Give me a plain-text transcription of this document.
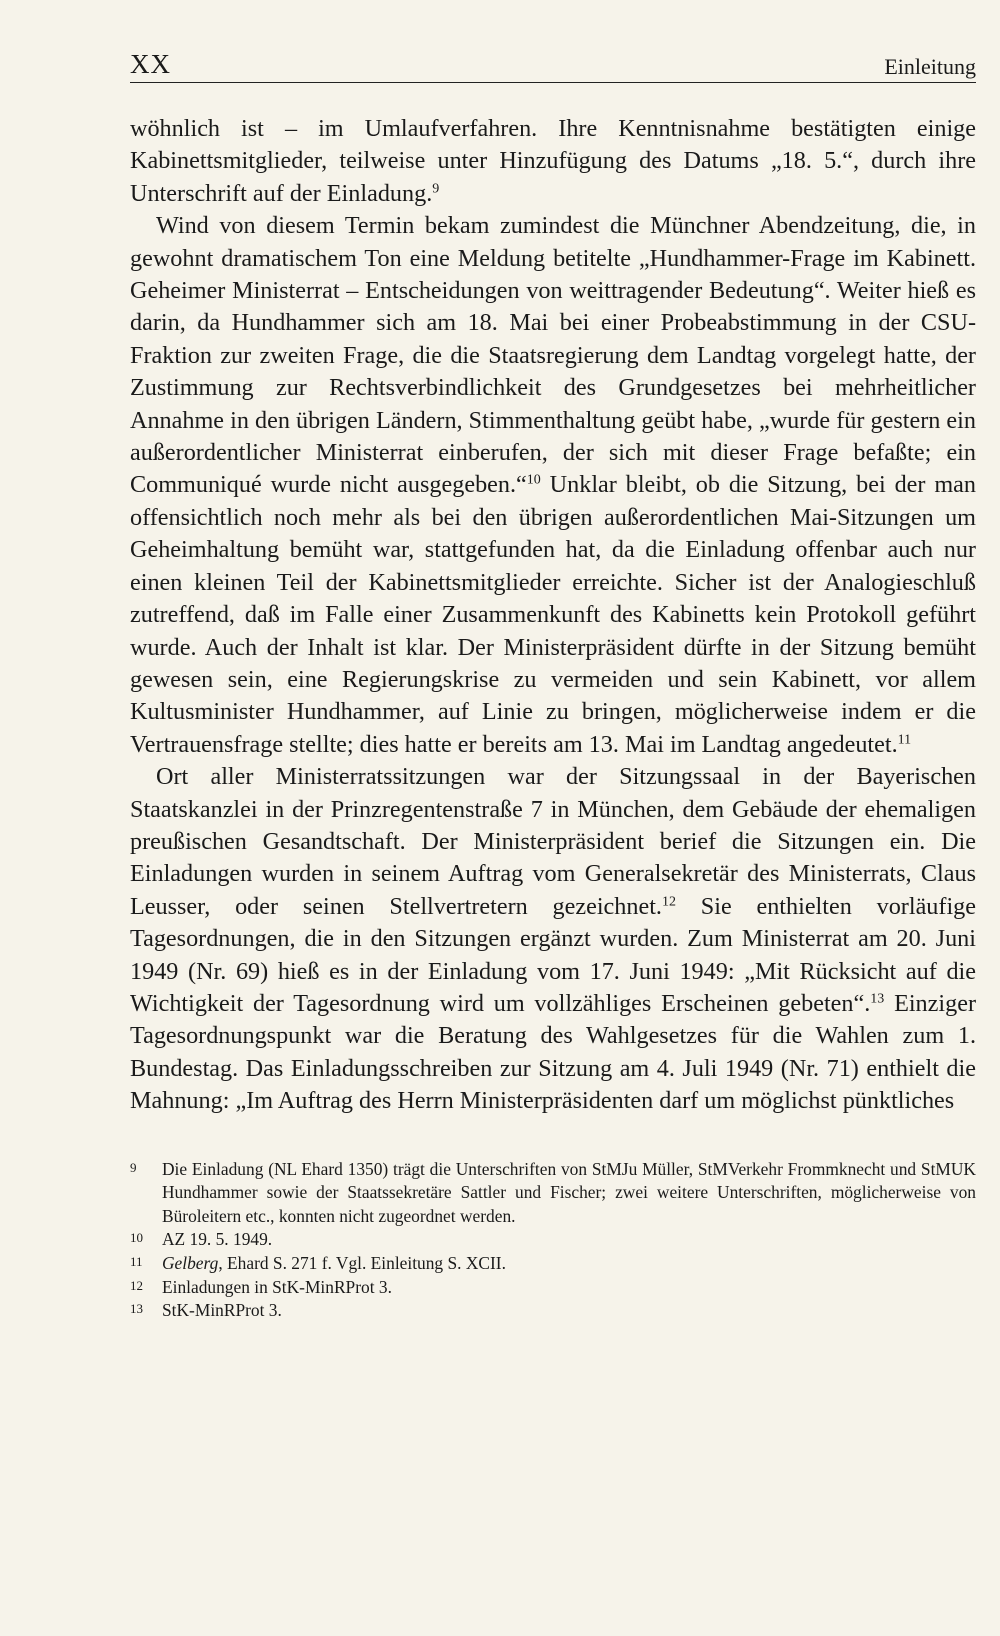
XX	Einleitung

wöhnlich ist – im Umlaufverfahren. Ihre Kenntnisnahme bestätigten einige Kabinettsmitglieder, teilweise unter Hinzufügung des Datums „18. 5.“, durch ihre Unterschrift auf der Einladung.$^9$

Wind von diesem Termin bekam zumindest die Münchner Abendzeitung, die, in gewohnt dramatischem Ton eine Meldung betitelte „Hundhammer-Frage im Kabinett. Geheimer Ministerrat – Entscheidungen von weittragender Bedeutung“. Weiter hieß es darin, da Hundhammer sich am 18. Mai bei einer Probeabstimmung in der CSU-Fraktion zur zweiten Frage, die die Staatsregierung dem Landtag vorgelegt hatte, der Zustimmung zur Rechtsverbindlichkeit des Grundgesetzes bei mehrheitlicher Annahme in den übrigen Ländern, Stimmenthaltung geübt habe, „wurde für gestern ein außerordentlicher Ministerrat einberufen, der sich mit dieser Frage befaßte; ein Communiqué wurde nicht ausgegeben.“$^{10}$ Unklar bleibt, ob die Sitzung, bei der man offensichtlich noch mehr als bei den übrigen außerordentlichen Mai-Sitzungen um Geheimhaltung bemüht war, stattgefunden hat, da die Einladung offenbar auch nur einen kleinen Teil der Kabinettsmitglieder erreichte. Sicher ist der Analogieschluß zutreffend, daß im Falle einer Zusammenkunft des Kabinetts kein Protokoll geführt wurde. Auch der Inhalt ist klar. Der Ministerpräsident dürfte in der Sitzung bemüht gewesen sein, eine Regierungskrise zu vermeiden und sein Kabinett, vor allem Kultusminister Hundhammer, auf Linie zu bringen, möglicherweise indem er die Vertrauensfrage stellte; dies hatte er bereits am 13. Mai im Landtag angedeutet.$^{11}$

Ort aller Ministerratssitzungen war der Sitzungssaal in der Bayerischen Staatskanzlei in der Prinzregentenstraße 7 in München, dem Gebäude der ehemaligen preußischen Gesandtschaft. Der Ministerpräsident berief die Sitzungen ein. Die Einladungen wurden in seinem Auftrag vom Generalsekretär des Ministerrats, Claus Leusser, oder seinen Stellvertretern gezeichnet.$^{12}$ Sie enthielten vorläufige Tagesordnungen, die in den Sitzungen ergänzt wurden. Zum Ministerrat am 20. Juni 1949 (Nr. 69) hieß es in der Einladung vom 17. Juni 1949: „Mit Rücksicht auf die Wichtigkeit der Tagesordnung wird um vollzähliges Erscheinen gebeten“.$^{13}$ Einziger Tagesordnungspunkt war die Beratung des Wahlgesetzes für die Wahlen zum 1. Bundestag. Das Einladungsschreiben zur Sitzung am 4. Juli 1949 (Nr. 71) enthielt die Mahnung: „Im Auftrag des Herrn Ministerpräsidenten darf um möglichst pünktliches

9	Die Einladung (NL Ehard 1350) trägt die Unterschriften von StMJu Müller, StMVerkehr Frommknecht und StMUK Hundhammer sowie der Staatssekretäre Sattler und Fischer; zwei weitere Unterschriften, möglicherweise von Büroleitern etc., konnten nicht zugeordnet werden.
10	AZ 19. 5. 1949.
11	Gelberg, Ehard S. 271 f. Vgl. Einleitung S. XCII.
12	Einladungen in StK-MinRProt 3.
13	StK-MinRProt 3.
